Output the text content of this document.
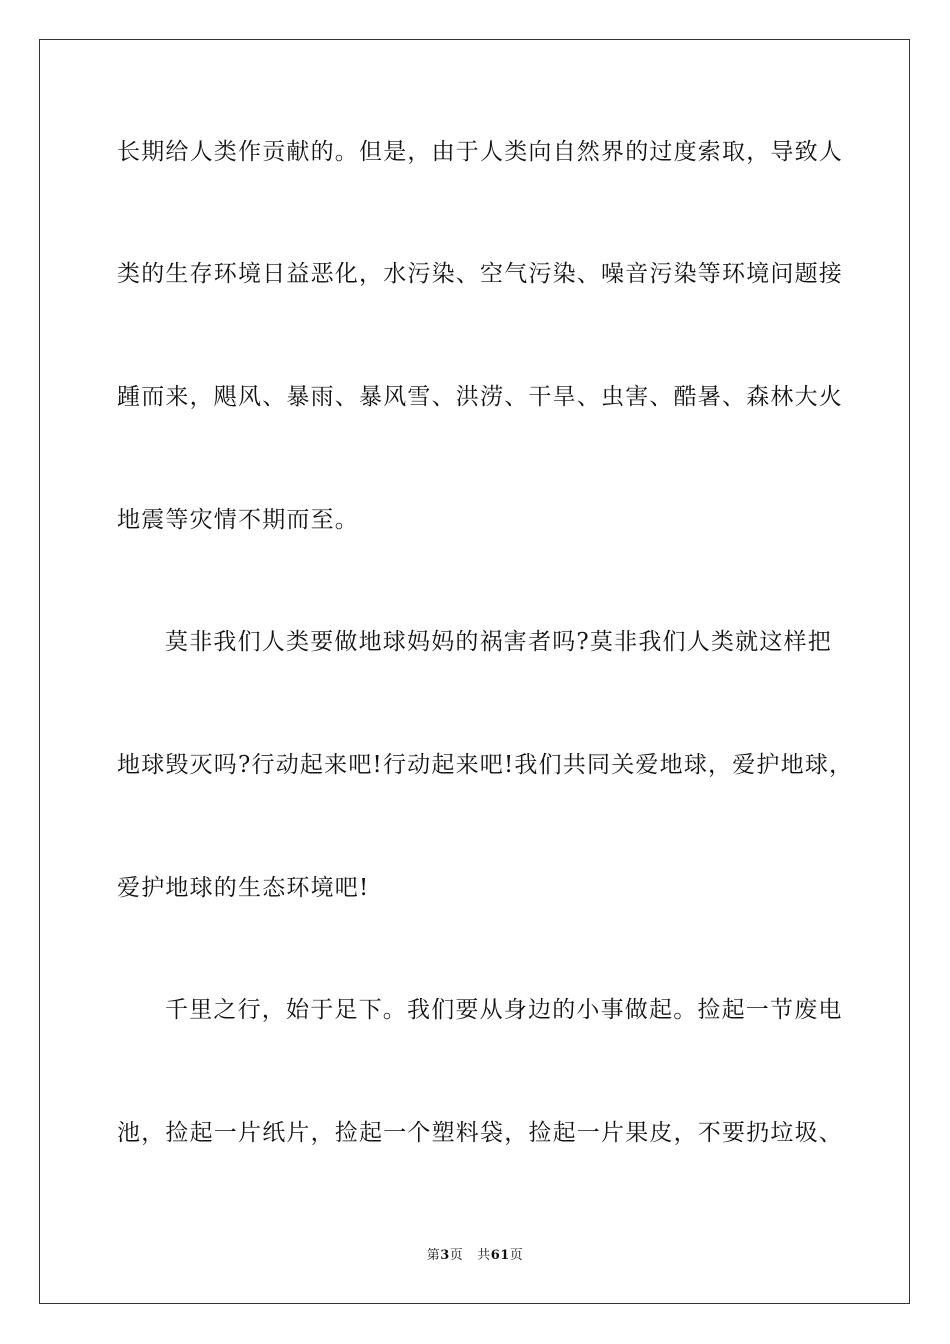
长期给人类作贡献的。但是，由于人类向自然界的过度索取，导致人
类的生存环境日益恶化，水污染、空气污染、噪音污染等环境问题接
踵而来，飓风、暴雨、暴风雪、洪涝、干旱、虫害、酷暑、森林大火
地震等灾情不期而至。
莫非我们人类要做地球妈妈的祸害者吗?莫非我们人类就这样把
地球毁灭吗?行动起来吧!行动起来吧!我们共同关爱地球，爱护地球，
爱护地球的生态环境吧!
千里之行，始于足下。我们要从身边的小事做起。捡起一节废电
池，捡起一片纸片，捡起一个塑料袋，捡起一片果皮，不要扔垃圾、
第3页 共61页
